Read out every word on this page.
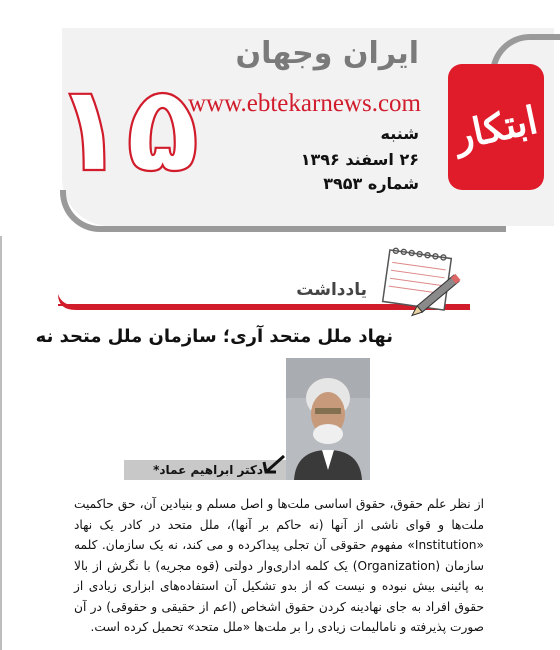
ابتکار
ایران وجهان
www.ebtekarnews.com
۱۵	شنبه
۲۶ اسفند ۱۳۹۶
شماره ۳۹۵۳
یادداشت
نهاد ملل متحد آری؛ سازمان ملل متحد نه
دکتر ابراهیم عماد*

از نظر علم حقوق، حقوق اساسی ملت‌ها و اصل مسلم و بنیادین آن، حق حاکمیت ملت‌ها و قوای ناشی از آنها (نه حاکم بر آنها)، ملل متحد در کادر یک نهاد «Institution» مفهوم حقوقی آن تجلی پیداکرده و می کند، نه یک سازمان. کلمه سازمان (Organization) یک کلمه اداری‌وار دولتی (قوه مجریه) با نگرش از بالا به پائینی بیش نبوده و نیست که از بدو تشکیل آن استفاده‌های ابزاری زیادی از حقوق افراد به جای نهادینه کردن حقوق اشخاص (اعم از حقیقی و حقوقی) در آن صورت پذیرفته و نامالیمات زیادی را بر ملت‌ها «ملل متحد» تحمیل کرده است.
